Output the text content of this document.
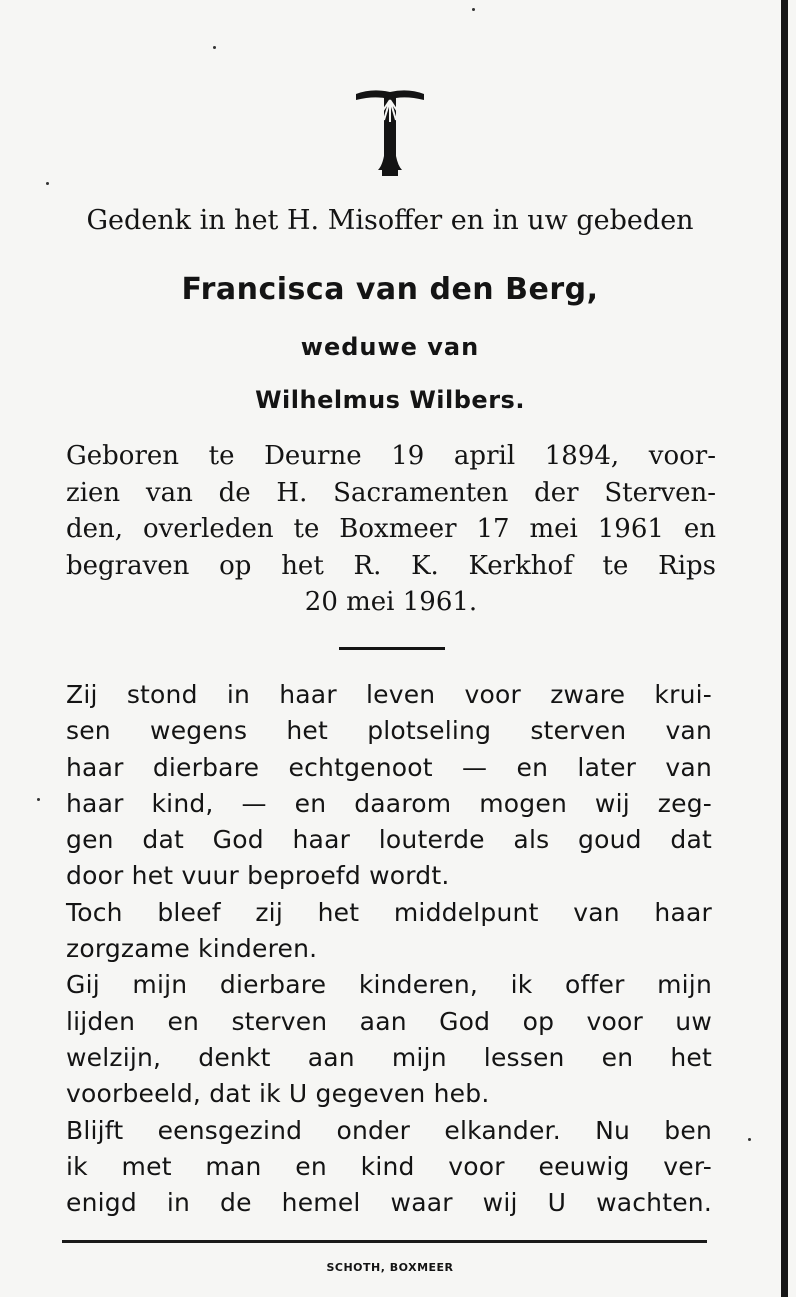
Gedenk in het H. Misoffer en in uw gebeden
Francisca van den Berg,
weduwe van
Wilhelmus Wilbers.
Geboren te Deurne 19 april 1894, voor-
zien van de H. Sacramenten der Sterven-
den, overleden te Boxmeer 17 mei 1961 en
begraven op het R. K. Kerkhof te Rips
20 mei 1961.
Zij stond in haar leven voor zware krui-
sen wegens het plotseling sterven van
haar dierbare echtgenoot — en later van
haar kind, — en daarom mogen wij zeg-
gen dat God haar louterde als goud dat
door het vuur beproefd wordt.
Toch bleef zij het middelpunt van haar
zorgzame kinderen.
Gij mijn dierbare kinderen, ik offer mijn
lijden en sterven aan God op voor uw
welzijn, denkt aan mijn lessen en het
voorbeeld, dat ik U gegeven heb.
Blijft eensgezind onder elkander. Nu ben
ik met man en kind voor eeuwig ver-
enigd in de hemel waar wij U wachten.
SCHOTH, BOXMEER
